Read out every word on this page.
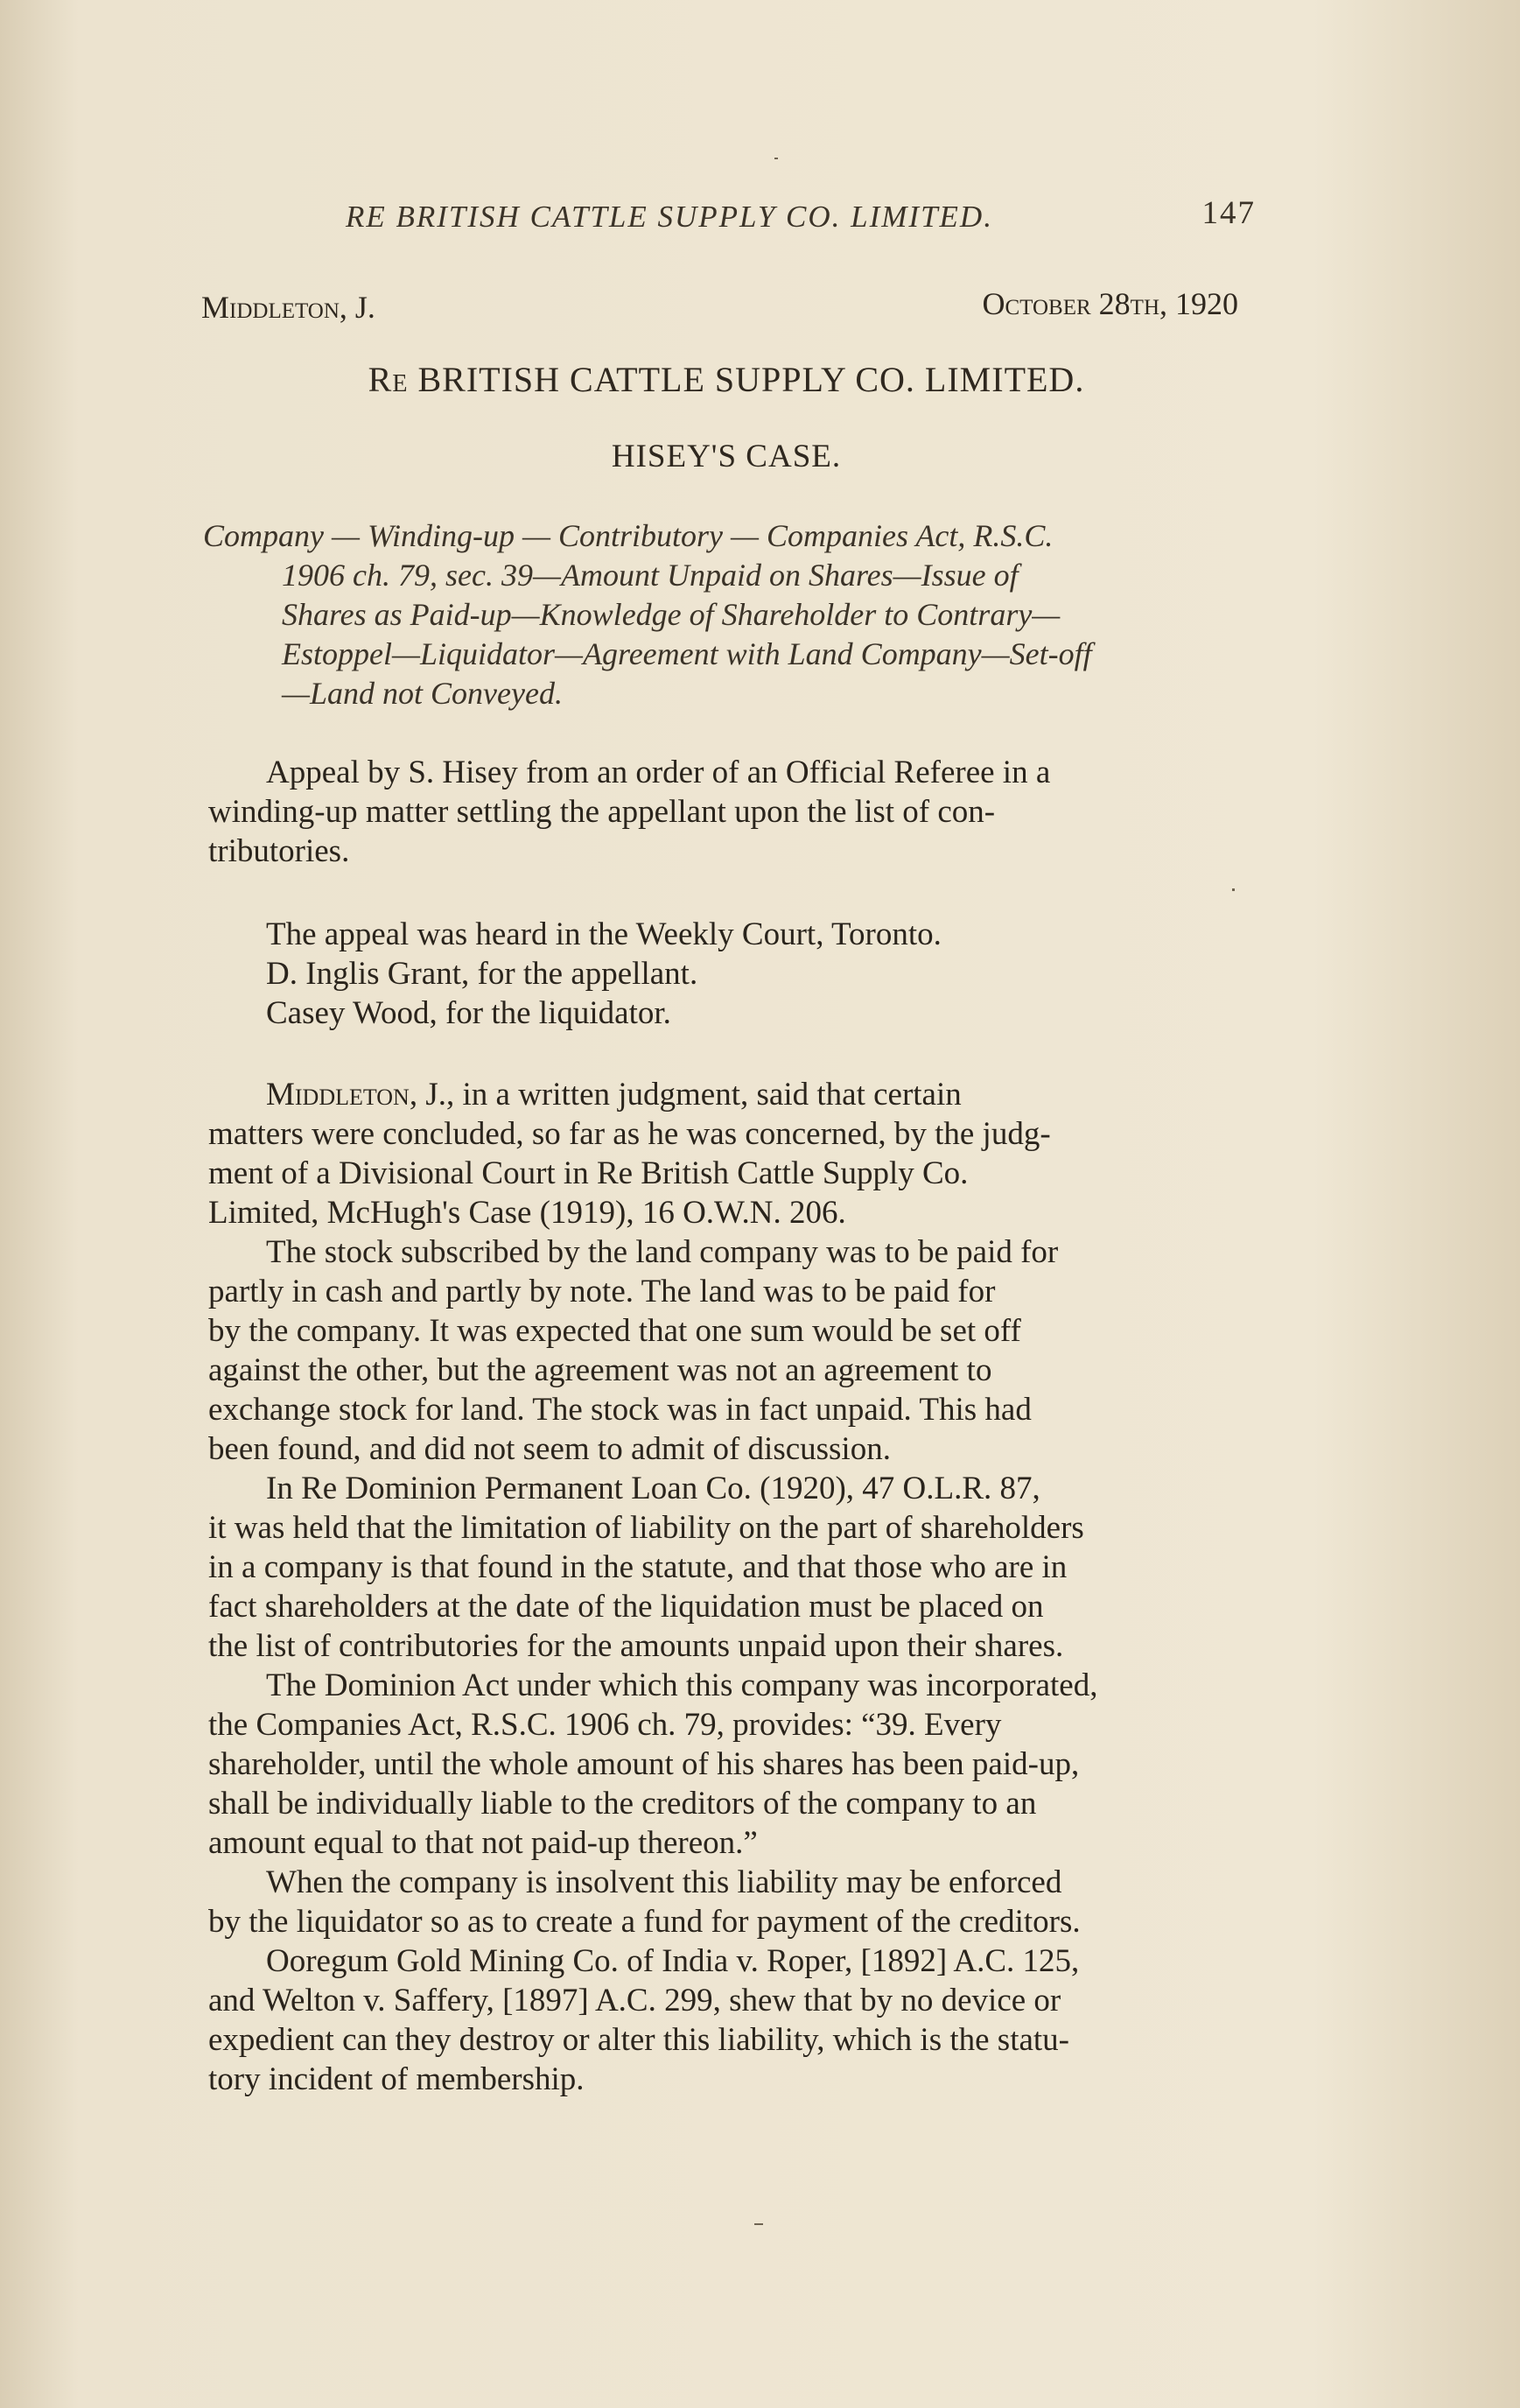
RE BRITISH CATTLE SUPPLY CO. LIMITED.	147
Middleton, J.	October 28th, 1920
Re BRITISH CATTLE SUPPLY CO. LIMITED.
HISEY'S CASE.
Company — Winding-up — Contributory — Companies Act, R.S.C.
1906 ch. 79, sec. 39—Amount Unpaid on Shares—Issue of
Shares as Paid-up—Knowledge of Shareholder to Contrary—
Estoppel—Liquidator—Agreement with Land Company—Set-off
—Land not Conveyed.
Appeal by S. Hisey from an order of an Official Referee in a
winding-up matter settling the appellant upon the list of con-
tributories.
The appeal was heard in the Weekly Court, Toronto.
D. Inglis Grant, for the appellant.
Casey Wood, for the liquidator.
Middleton, J., in a written judgment, said that certain
matters were concluded, so far as he was concerned, by the judg-
ment of a Divisional Court in Re British Cattle Supply Co.
Limited, McHugh's Case (1919), 16 O.W.N. 206.
The stock subscribed by the land company was to be paid for
partly in cash and partly by note. The land was to be paid for
by the company. It was expected that one sum would be set off
against the other, but the agreement was not an agreement to
exchange stock for land. The stock was in fact unpaid. This had
been found, and did not seem to admit of discussion.
In Re Dominion Permanent Loan Co. (1920), 47 O.L.R. 87,
it was held that the limitation of liability on the part of shareholders
in a company is that found in the statute, and that those who are in
fact shareholders at the date of the liquidation must be placed on
the list of contributories for the amounts unpaid upon their shares.
The Dominion Act under which this company was incorporated,
the Companies Act, R.S.C. 1906 ch. 79, provides: “39. Every
shareholder, until the whole amount of his shares has been paid-up,
shall be individually liable to the creditors of the company to an
amount equal to that not paid-up thereon.”
When the company is insolvent this liability may be enforced
by the liquidator so as to create a fund for payment of the creditors.
Ooregum Gold Mining Co. of India v. Roper, [1892] A.C. 125,
and Welton v. Saffery, [1897] A.C. 299, shew that by no device or
expedient can they destroy or alter this liability, which is the statu-
tory incident of membership.
